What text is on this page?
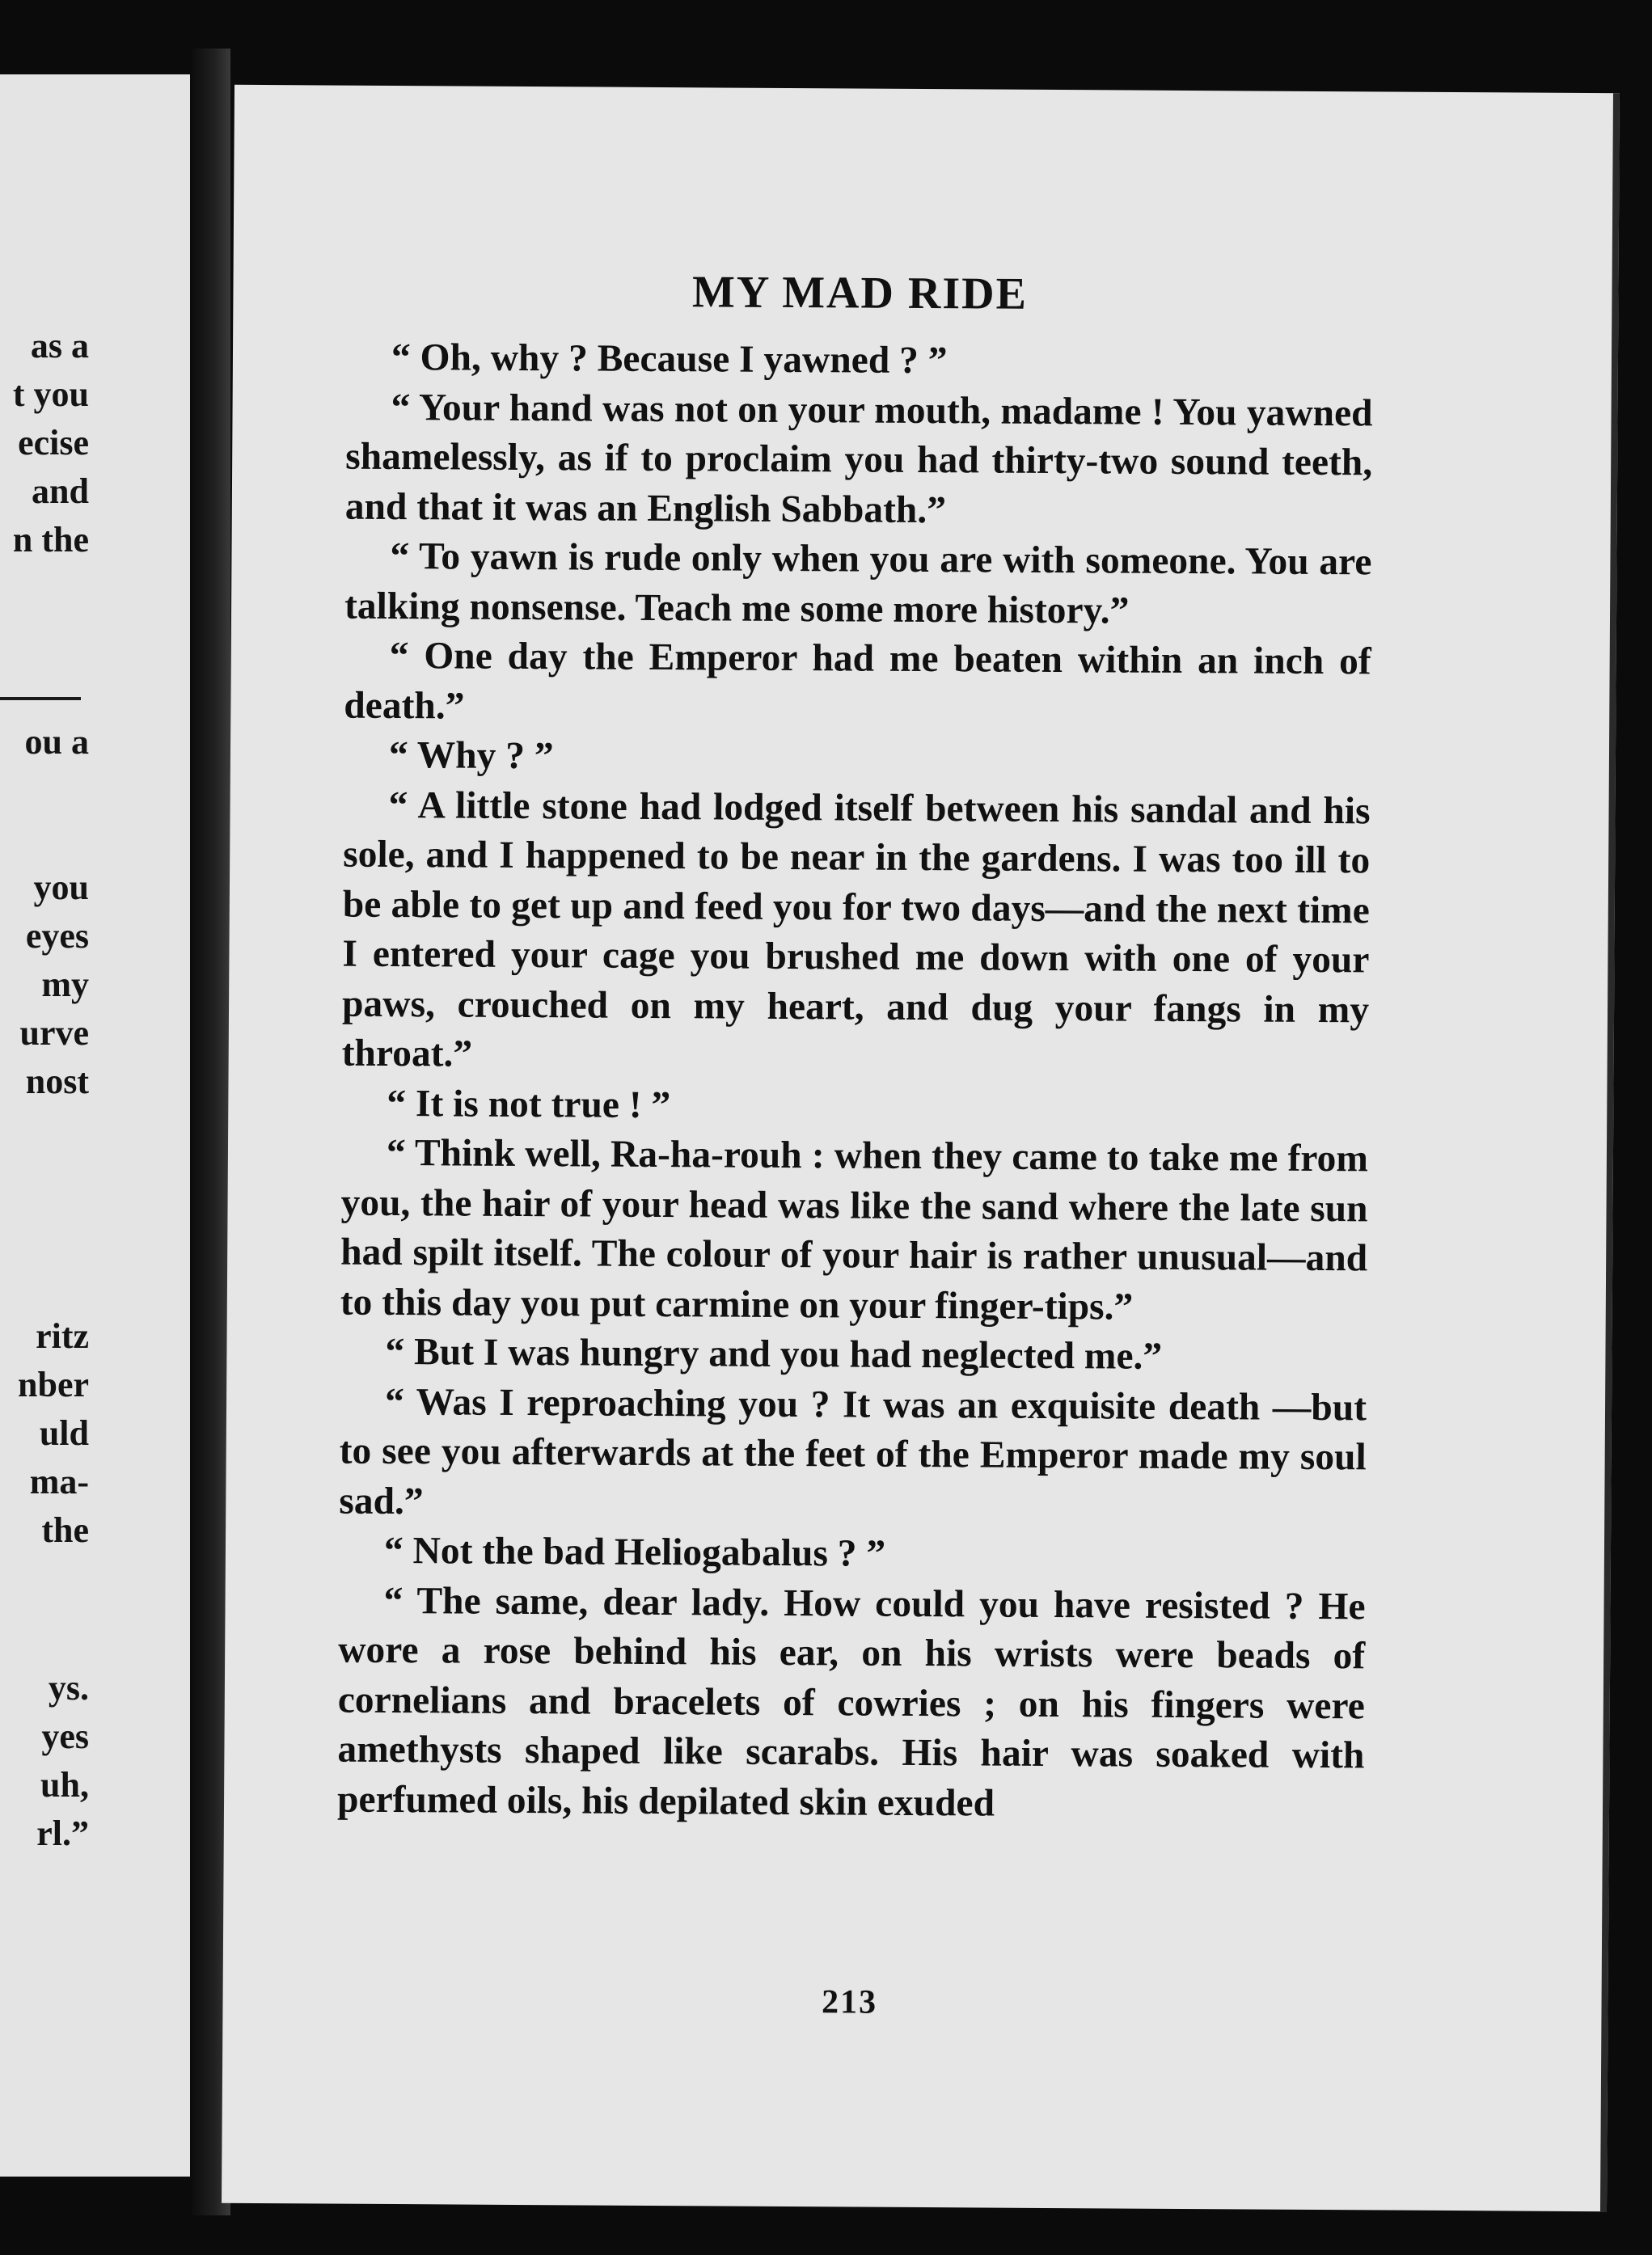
as a
t you
ecise
and
n the
ou a
you
eyes
my
urve
nost
ritz
nber
uld
ma-
the
ys.
yes
uh,
rl.”
MY MAD RIDE

“ Oh, why ? Because I yawned ? ”

“ Your hand was not on your mouth, madame ! You yawned shamelessly, as if to proclaim you had thirty-two sound teeth, and that it was an English Sabbath.”

“ To yawn is rude only when you are with someone. You are talking nonsense. Teach me some more history.”

“ One day the Emperor had me beaten within an inch of death.”

“ Why ? ”

“ A little stone had lodged itself between his sandal and his sole, and I happened to be near in the gardens. I was too ill to be able to get up and feed you for two days—and the next time I entered your cage you brushed me down with one of your paws, crouched on my heart, and dug your fangs in my throat.”

“ It is not true ! ”

“ Think well, Ra-ha-rouh : when they came to take me from you, the hair of your head was like the sand where the late sun had spilt itself. The colour of your hair is rather unusual—and to this day you put carmine on your finger-tips.”

“ But I was hungry and you had neglected me.”

“ Was I reproaching you ? It was an exquisite death —but to see you afterwards at the feet of the Emperor made my soul sad.”

“ Not the bad Heliogabalus ? ”

“ The same, dear lady. How could you have resisted ? He wore a rose behind his ear, on his wrists were beads of cornelians and bracelets of cowries ; on his fingers were amethysts shaped like scarabs. His hair was soaked with perfumed oils, his depilated skin exuded

213
